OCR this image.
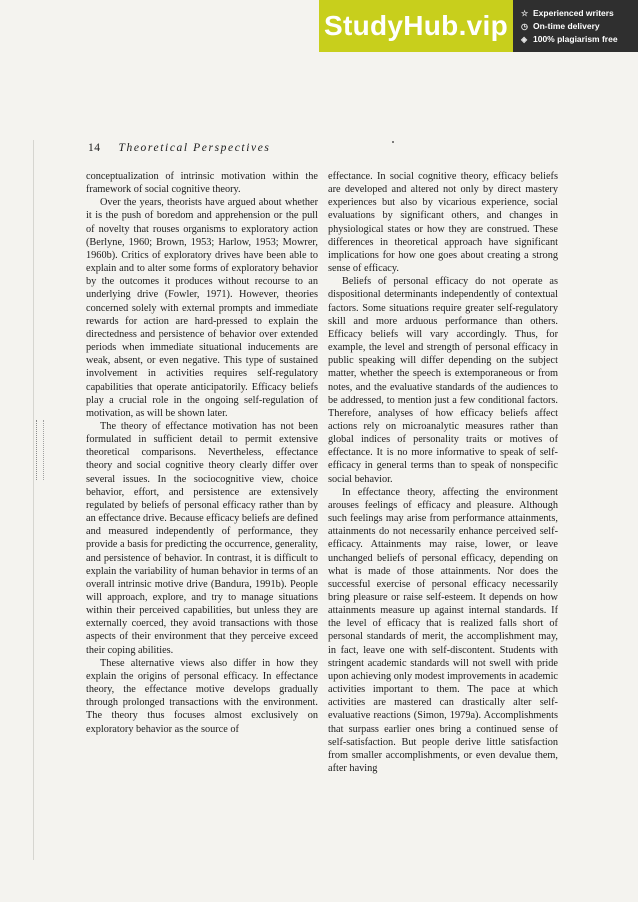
StudyHub.vip	☆ Experienced writers
◷ On-time delivery
◈ 100% plagiarism free
14 Theoretical Perspectives

conceptualization of intrinsic motivation within the framework of social cognitive theory.

Over the years, theorists have argued about whether it is the push of boredom and apprehension or the pull of novelty that rouses organisms to exploratory action (Berlyne, 1960; Brown, 1953; Harlow, 1953; Mowrer, 1960b). Critics of exploratory drives have been able to explain and to alter some forms of exploratory behavior by the outcomes it produces without recourse to an underlying drive (Fowler, 1971). However, theories concerned solely with external prompts and immediate rewards for action are hard-pressed to explain the directedness and persistence of behavior over extended periods when immediate situational inducements are weak, absent, or even negative. This type of sustained involvement in activities requires self-regulatory capabilities that operate anticipatorily. Efficacy beliefs play a crucial role in the ongoing self-regulation of motivation, as will be shown later.

The theory of effectance motivation has not been formulated in sufficient detail to permit extensive theoretical comparisons. Nevertheless, effectance theory and social cognitive theory clearly differ over several issues. In the sociocognitive view, choice behavior, effort, and persistence are extensively regulated by beliefs of personal efficacy rather than by an effectance drive. Because efficacy beliefs are defined and measured independently of performance, they provide a basis for predicting the occurrence, generality, and persistence of behavior. In contrast, it is difficult to explain the variability of human behavior in terms of an overall intrinsic motive drive (Bandura, 1991b). People will approach, explore, and try to manage situations within their perceived capabilities, but unless they are externally coerced, they avoid transactions with those aspects of their environment that they perceive exceed their coping abilities.

These alternative views also differ in how they explain the origins of personal efficacy. In effectance theory, the effectance motive develops gradually through prolonged transactions with the environment. The theory thus focuses almost exclusively on exploratory behavior as the source of

effectance. In social cognitive theory, efficacy beliefs are developed and altered not only by direct mastery experiences but also by vicarious experience, social evaluations by significant others, and changes in physiological states or how they are construed. These differences in theoretical approach have significant implications for how one goes about creating a strong sense of efficacy.

Beliefs of personal efficacy do not operate as dispositional determinants independently of contextual factors. Some situations require greater self-regulatory skill and more arduous performance than others. Efficacy beliefs will vary accordingly. Thus, for example, the level and strength of personal efficacy in public speaking will differ depending on the subject matter, whether the speech is extemporaneous or from notes, and the evaluative standards of the audiences to be addressed, to mention just a few conditional factors. Therefore, analyses of how efficacy beliefs affect actions rely on microanalytic measures rather than global indices of personality traits or motives of effectance. It is no more informative to speak of self-efficacy in general terms than to speak of nonspecific social behavior.

In effectance theory, affecting the environment arouses feelings of efficacy and pleasure. Although such feelings may arise from performance attainments, attainments do not necessarily enhance perceived self-efficacy. Attainments may raise, lower, or leave unchanged beliefs of personal efficacy, depending on what is made of those attainments. Nor does the successful exercise of personal efficacy necessarily bring pleasure or raise self-esteem. It depends on how attainments measure up against internal standards. If the level of efficacy that is realized falls short of personal standards of merit, the accomplishment may, in fact, leave one with self-discontent. Students with stringent academic standards will not swell with pride upon achieving only modest improvements in academic activities important to them. The pace at which activities are mastered can drastically alter self-evaluative reactions (Simon, 1979a). Accomplishments that surpass earlier ones bring a continued sense of self-satisfaction. But people derive little satisfaction from smaller accomplishments, or even devalue them, after having
